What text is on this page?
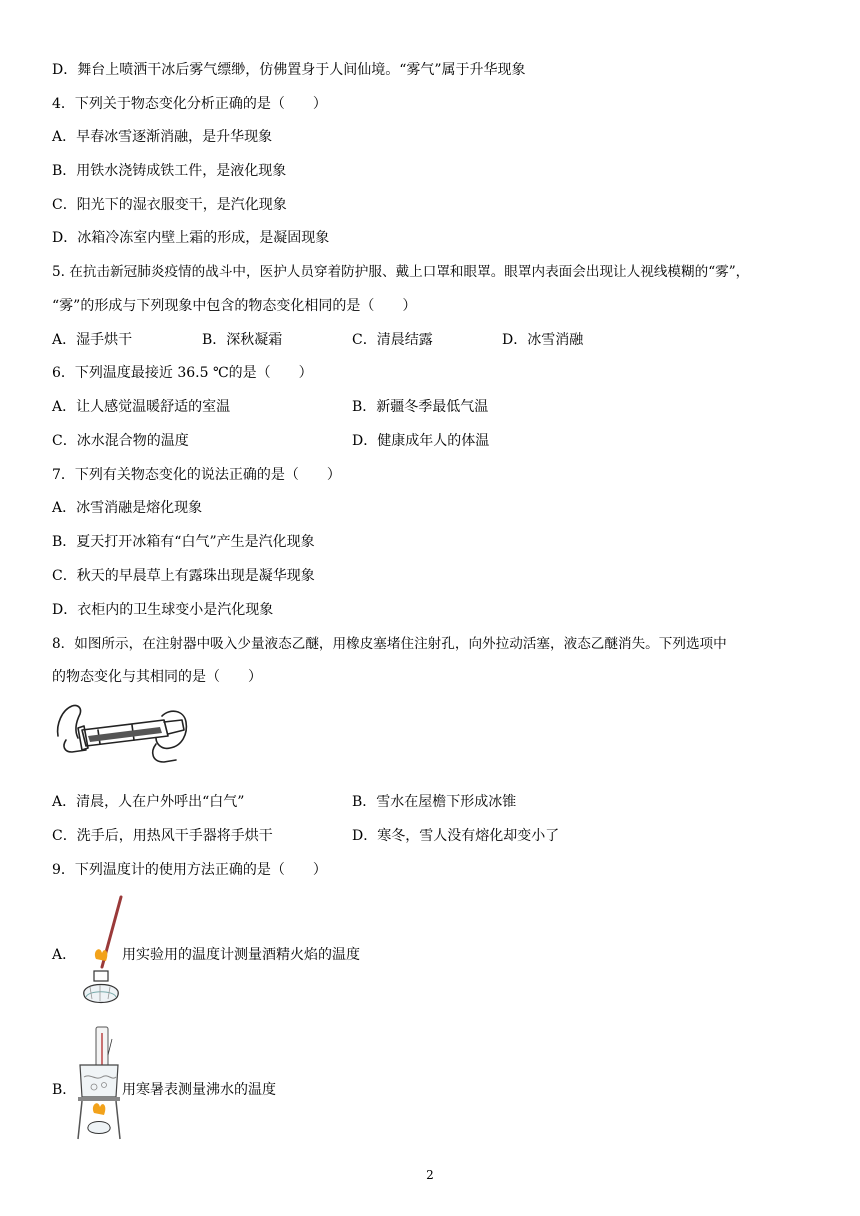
D．舞台上喷洒干冰后雾气缥缈，仿佛置身于人间仙境。“雾气”属于升华现象
4．下列关于物态变化分析正确的是（　　）
A．早春冰雪逐渐消融，是升华现象
B．用铁水浇铸成铁工件，是液化现象
C．阳光下的湿衣服变干，是汽化现象
D．冰箱冷冻室内壁上霜的形成，是凝固现象
5. 在抗击新冠肺炎疫情的战斗中，医护人员穿着防护服、戴上口罩和眼罩。眼罩内表面会出现让人视线模糊的“雾”，
“雾”的形成与下列现象中包含的物态变化相同的是（　　）
A．湿手烘干	B．深秋凝霜	C．清晨结露	D．冰雪消融
6．下列温度最接近 36.5 ℃的是（　　）
A．让人感觉温暖舒适的室温	B．新疆冬季最低气温
C．冰水混合物的温度	D．健康成年人的体温
7．下列有关物态变化的说法正确的是（　　）
A．冰雪消融是熔化现象
B．夏天打开冰箱有“白气”产生是汽化现象
C．秋天的早晨草上有露珠出现是凝华现象
D．衣柜内的卫生球变小是汽化现象
8．如图所示，在注射器中吸入少量液态乙醚，用橡皮塞堵住注射孔，向外拉动活塞，液态乙醚消失。下列选项中
的物态变化与其相同的是（　　）
A．清晨，人在户外呼出“白气”	B．雪水在屋檐下形成冰锥
C．洗手后，用热风干手器将手烘干	D．寒冬，雪人没有熔化却变小了
9．下列温度计的使用方法正确的是（　　）
A．	用实验用的温度计测量酒精火焰的温度
B．	用寒暑表测量沸水的温度
2
